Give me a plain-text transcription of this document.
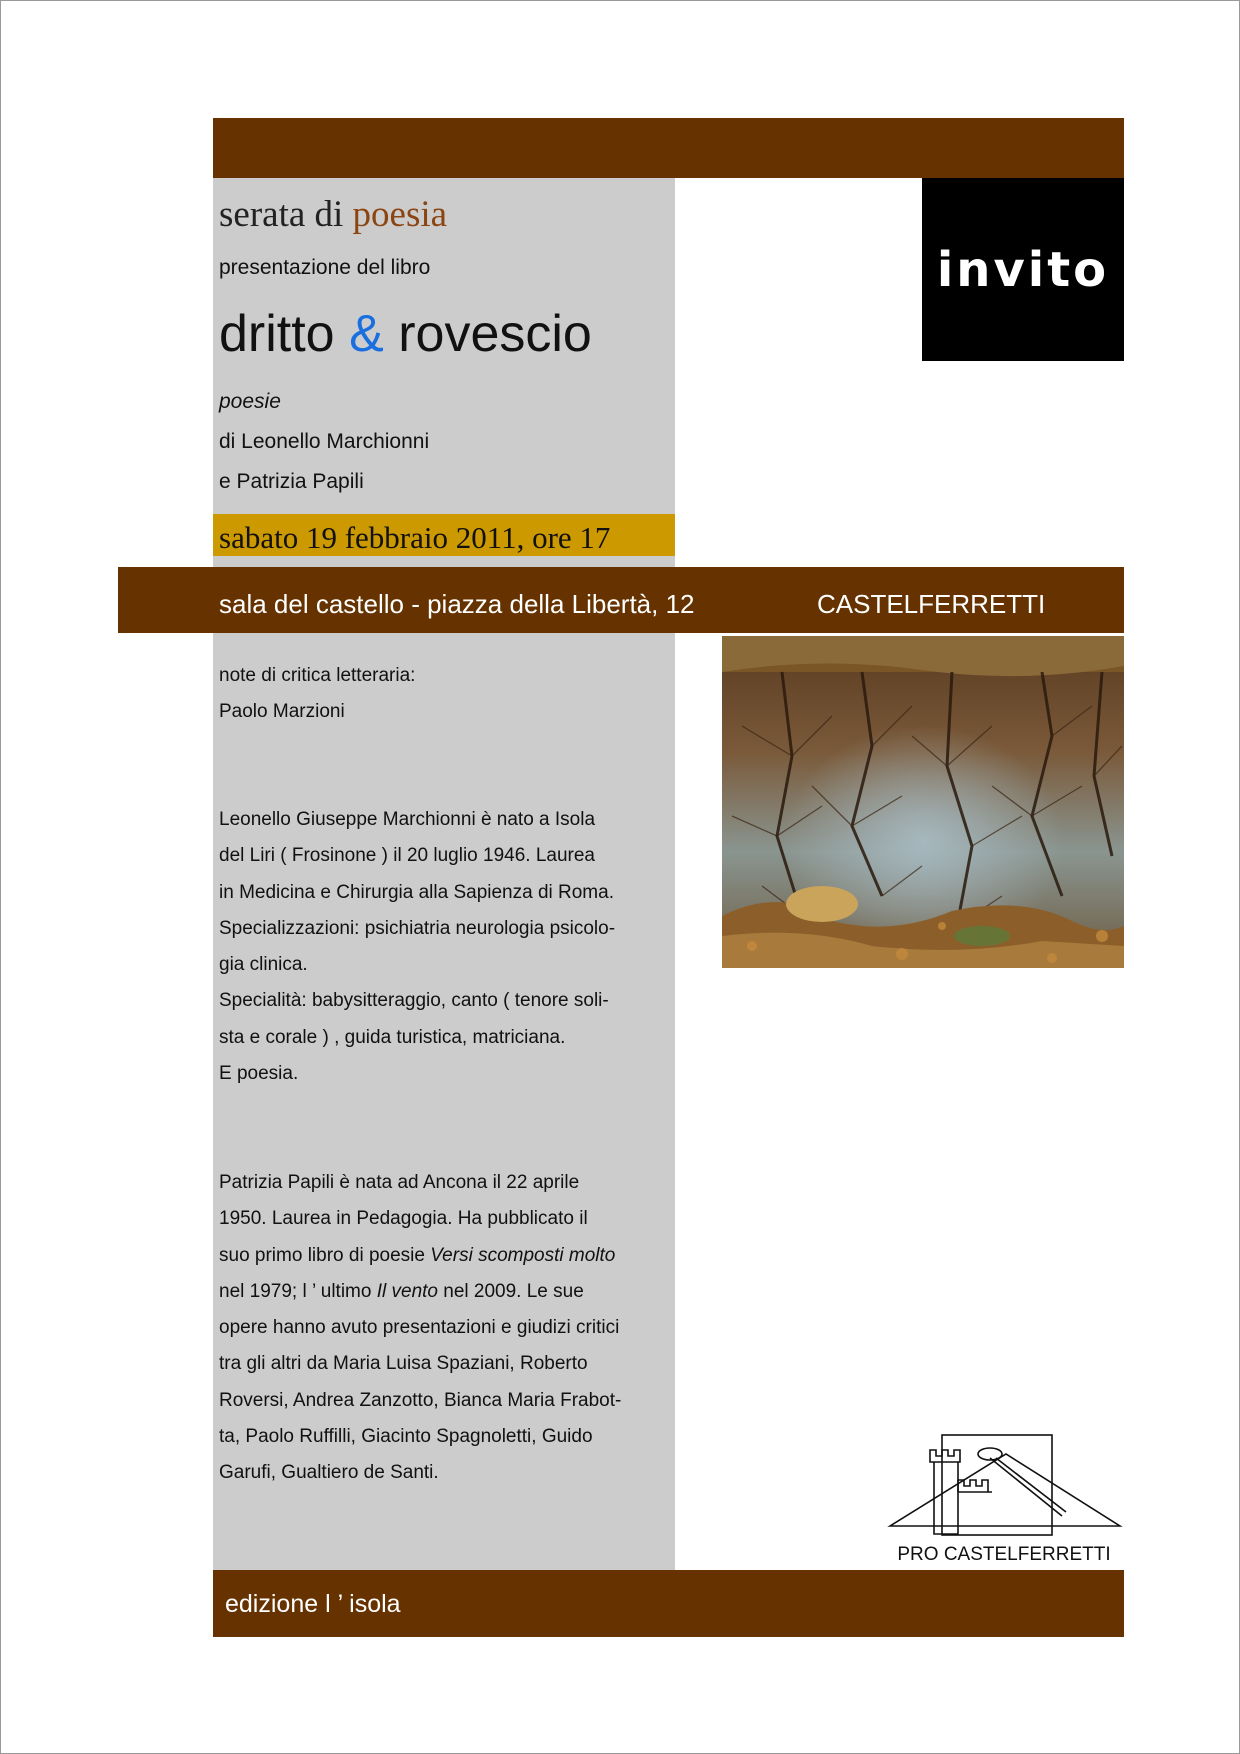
invito
serata di poesia
presentazione del libro
dritto & rovescio
poesie
di Leonello Marchionni
e Patrizia Papili
sabato 19 febbraio 2011, ore 17
sala del castello - piazza della Libertà, 12	CASTELFERRETTI

note di critica letteraria:

Paolo Marzioni

Leonello Giuseppe Marchionni è nato a Isola

del Liri ( Frosinone ) il 20 luglio 1946. Laurea

in Medicina e Chirurgia alla Sapienza di Roma.

Specializzazioni: psichiatria neurologia psicolo-

gia clinica.

Specialità: babysitteraggio, canto ( tenore soli-

sta e corale ) , guida turistica, matriciana.

E poesia.

Patrizia Papili è nata ad Ancona il 22 aprile

1950. Laurea in Pedagogia. Ha pubblicato il

suo primo libro di poesie Versi scomposti molto

nel 1979; l ’ ultimo Il vento nel 2009. Le sue

opere hanno avuto presentazioni e giudizi critici

tra gli altri da Maria Luisa Spaziani, Roberto

Roversi, Andrea Zanzotto, Bianca Maria Frabot-

ta, Paolo Ruffilli, Giacinto Spagnoletti, Guido

Garufi, Gualtiero de Santi.

PRO CASTELFERRETTI
edizione l ’ isola
